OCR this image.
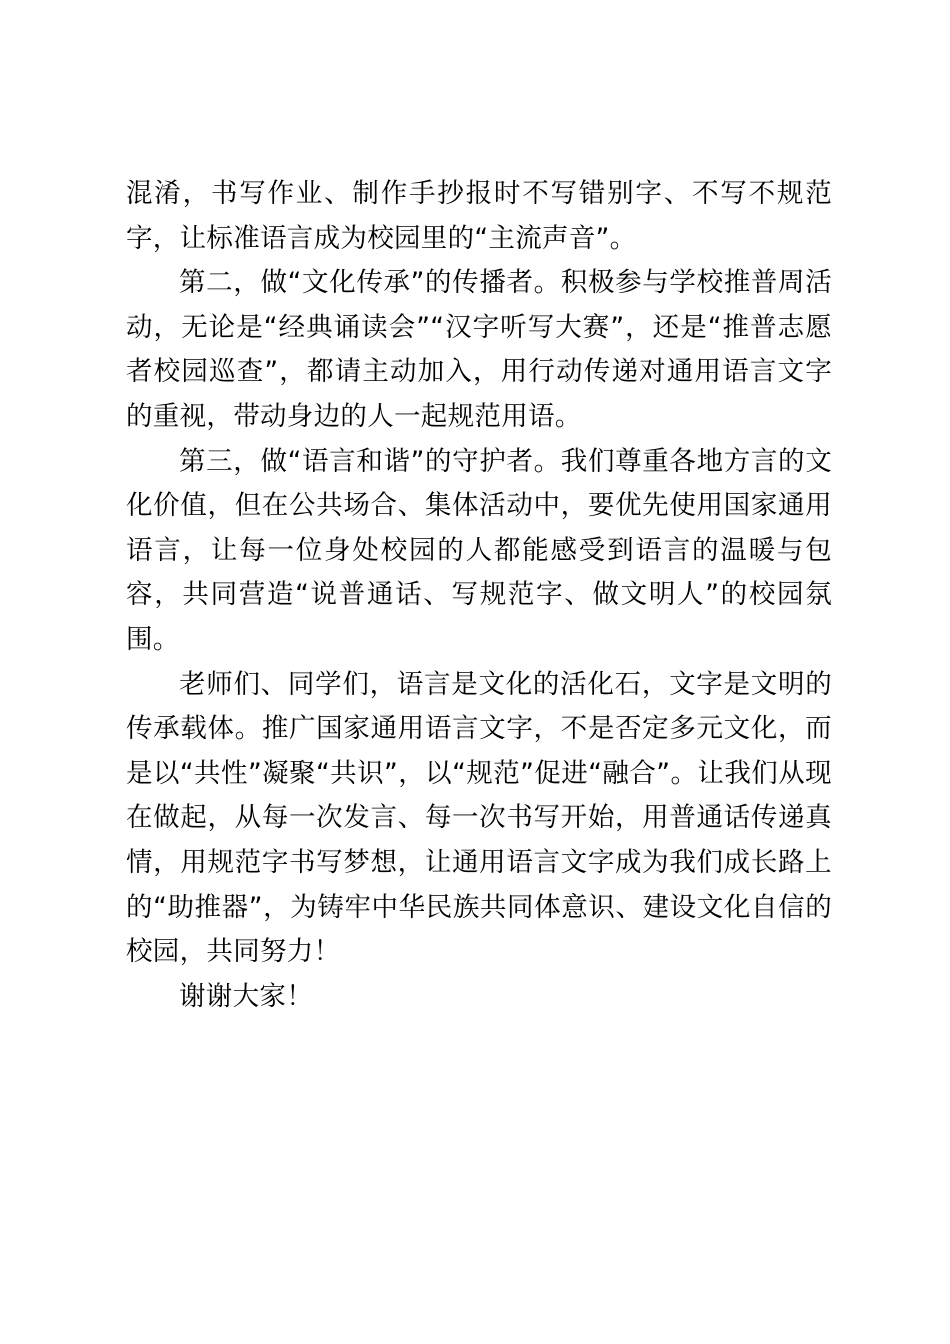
混淆，书写作业、制作手抄报时不写错别字、不写不规范字，让标准语言成为校园里的“主流声音”。

第二，做“文化传承”的传播者。积极参与学校推普周活动，无论是“经典诵读会”“汉字听写大赛”，还是“推普志愿者校园巡查”，都请主动加入，用行动传递对通用语言文字的重视，带动身边的人一起规范用语。

第三，做“语言和谐”的守护者。我们尊重各地方言的文化价值，但在公共场合、集体活动中，要优先使用国家通用语言，让每一位身处校园的人都能感受到语言的温暖与包容，共同营造“说普通话、写规范字、做文明人”的校园氛围。

老师们、同学们，语言是文化的活化石，文字是文明的传承载体。推广国家通用语言文字，不是否定多元文化，而是以“共性”凝聚“共识”，以“规范”促进“融合”。让我们从现在做起，从每一次发言、每一次书写开始，用普通话传递真情，用规范字书写梦想，让通用语言文字成为我们成长路上的“助推器”，为铸牢中华民族共同体意识、建设文化自信的校园，共同努力！

谢谢大家！
